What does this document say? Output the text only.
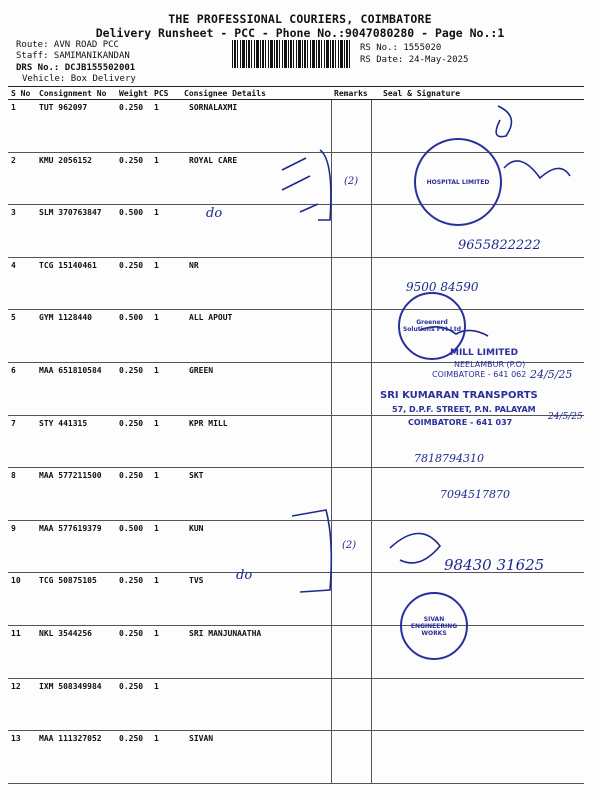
THE PROFESSIONAL COURIERS, COIMBATORE
Delivery Runsheet - PCC - Phone No.:9047080280 - Page No.:1
Route: AVN ROAD PCC
Staff: SAMIMANIKANDAN
DRS No.: DCJB155502001
Vehicle: Box Delivery
RS No.: 1555020
RS Date: 24-May-2025
S No	Consignment No	Weight	PCS	Consignee Details	Remarks	Seal & Signature
1	TUT 962097	0.250	1	SORNALAXMI		
2	KMU 2056152	0.250	1	ROYAL CARE		
3	SLM 370763847	0.500	1			
4	TCG 15140461	0.250	1	NR		
5	GYM 1128440	0.500	1	ALL APOUT		
6	MAA 651810584	0.250	1	GREEN		
7	STY 441315	0.250	1	KPR MILL		
8	MAA 577211500	0.250	1	SKT		
9	MAA 577619379	0.500	1	KUN		
10	TCG 50875105	0.250	1	TVS		
11	NKL 3544256	0.250	1	SRI MANJUNAATHA		
12	IXM 508349984	0.250	1			
13	MAA 111327052	0.250	1	SIVAN		
do
do
(2)
(2)
9655822222
9500 84590
24/5/25
24/5/25
7818794310
7094517870
98430 31625
HOSPITAL LIMITED
Greenerd Solutions Pvt Ltd
SIVAN ENGINEERING WORKS
MILL LIMITED
NEELAMBUR (P.O)
COIMBATORE - 641 062
SRI KUMARAN TRANSPORTS
57, D.P.F. STREET, P.N. PALAYAM
COIMBATORE - 641 037
